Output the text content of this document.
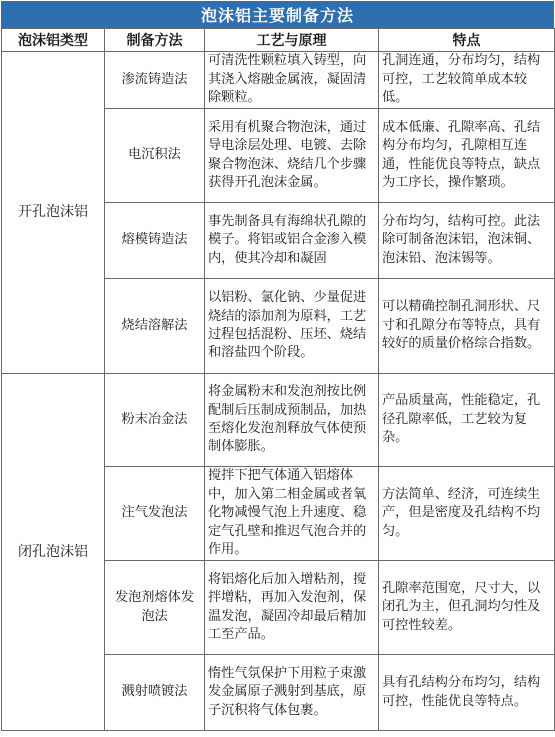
泡沫铝主要制备方法
泡沫铝类型	制备方法	工艺与原理	特点
开孔泡沫铝	渗流铸造法	可清洗性颗粒填入铸型，向其浇入熔融金属液，凝固清除颗粒。	孔洞连通，分布均匀，结构可控，工艺较简单成本较低。
	电沉积法	采用有机聚合物泡沫，通过导电涂层处理、电镀、去除聚合物泡沫、烧结几个步骤获得开孔泡沫金属。	成本低廉、孔隙率高、孔结构分布均匀，孔隙相互连通，性能优良等特点，缺点为工序长，操作繁琐。
	熔模铸造法	事先制备具有海绵状孔隙的模子。将铝或铝合金渗入模内，使其冷却和凝固	分布均匀，结构可控。此法除可制备泡沫铝，泡沫铜、泡沫铅、泡沫锡等。
	烧结溶解法	以铝粉、氯化钠、少量促进烧结的添加剂为原料，工艺过程包括混粉、压坯、烧结和溶盐四个阶段。	可以精确控制孔洞形状、尺寸和孔隙分布等特点，具有较好的质量价格综合指数。
闭孔泡沫铝	粉末冶金法	将金属粉末和发泡剂按比例配制后压制成预制品，加热至熔化发泡剂释放气体使预制体膨胀。	产品质量高，性能稳定，孔径孔隙率低，工艺较为复杂。
	注气发泡法	搅拌下把气体通入铝熔体中，加入第二相金属或者氧化物减慢气泡上升速度、稳定气孔壁和推迟气泡合并的作用。	方法简单、经济，可连续生产，但是密度及孔结构不均匀。
	发泡剂熔体发泡法	将铝熔化后加入增粘剂，搅拌增粘，再加入发泡剂，保温发泡，凝固冷却最后精加工至产品。	孔隙率范围宽，尺寸大，以闭孔为主，但孔洞均匀性及可控性较差。
	溅射喷镀法	惰性气氛保护下用粒子束激发金属原子溅射到基底，原子沉积将气体包裹。	具有孔结构分布均匀，结构可控，性能优良等特点。
